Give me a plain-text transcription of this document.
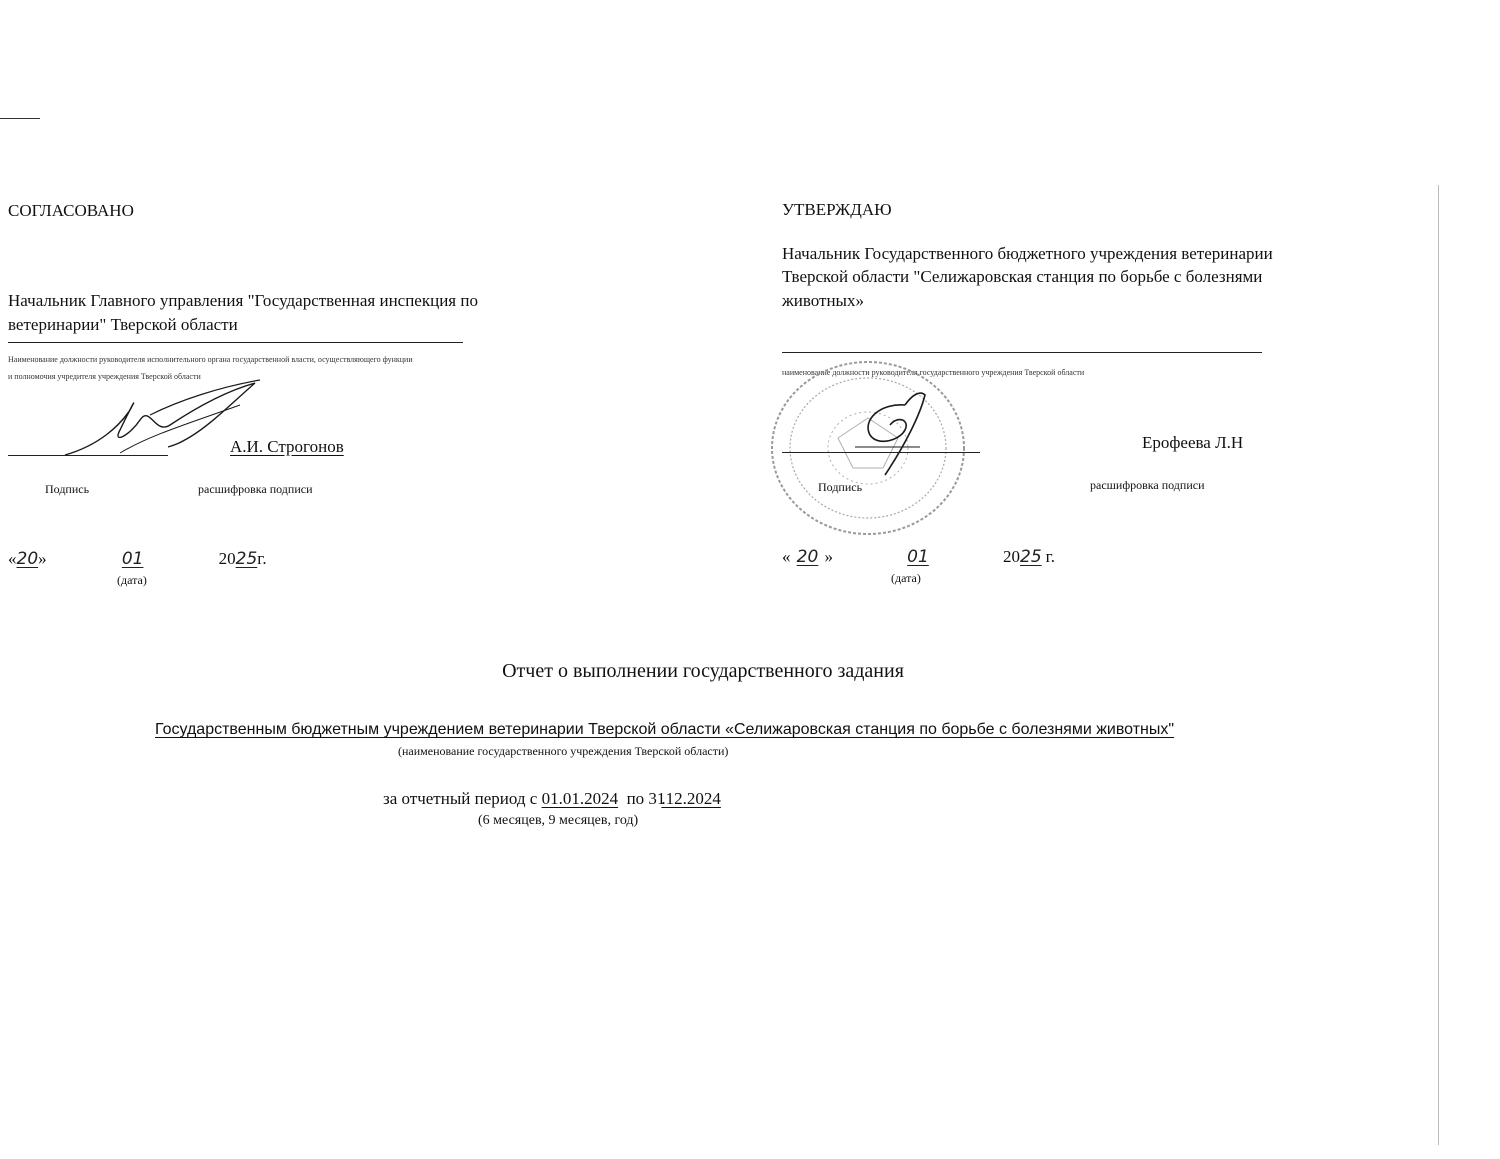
СОГЛАСОВАНО
Начальник Главного управления "Государственная инспекция по
ветеринарии" Тверской области
Наименование должности руководителя исполнительного органа государственной власти, осуществляющего функции
и полномочия учредителя учреждения Тверской области
А.И. Строгонов
Подпись	расшифровка подписи
«20»	01	2025г.
(дата)
УТВЕРЖДАЮ
Начальник Государственного бюджетного учреждения ветеринарии
Тверской области "Селижаровская станция по борьбе с болезнями
животных»
наименование должности руководителя государственного учреждения Тверской области
Ерофеева Л.Н
Подпись	расшифровка подписи
« 20 »	01	2025 г.
(дата)
Отчет о выполнении государственного задания
Государственным бюджетным учреждением ветеринарии Тверской области «Селижаровская станция по борьбе с болезнями животных"
(наименование государственного учреждения Тверской области)
за отчетный период с 01.01.2024 по 31.12.2024
(6 месяцев, 9 месяцев, год)
